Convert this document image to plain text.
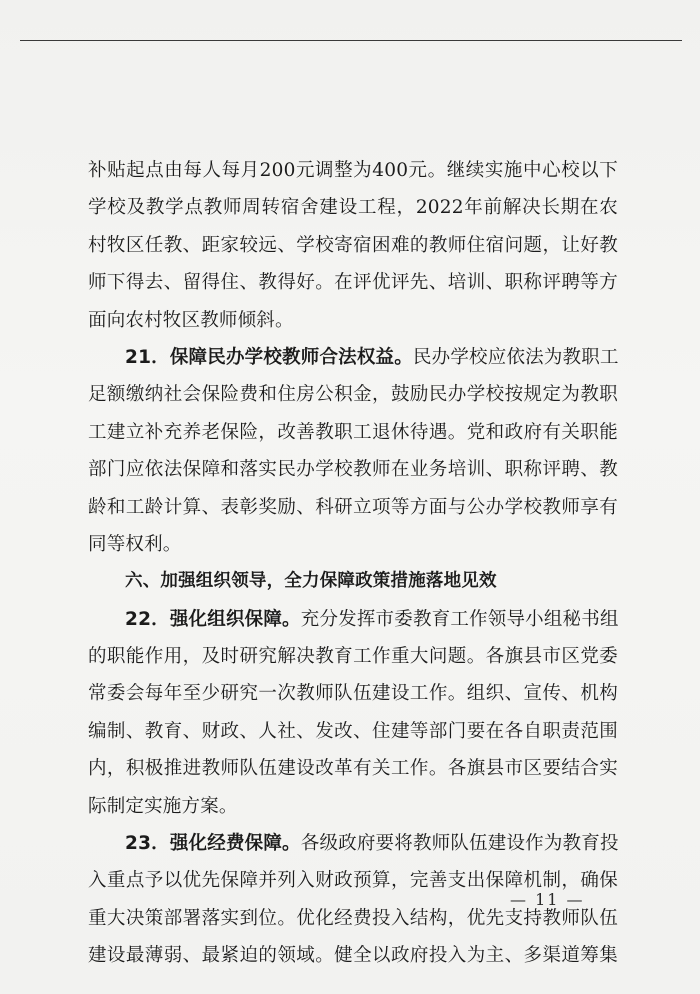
补贴起点由每人每月200元调整为400元。继续实施中心校以下
学校及教学点教师周转宿舍建设工程，2022年前解决长期在农
村牧区任教、距家较远、学校寄宿困难的教师住宿问题，让好教
师下得去、留得住、教得好。在评优评先、培训、职称评聘等方
面向农村牧区教师倾斜。
21．保障民办学校教师合法权益。民办学校应依法为教职工
足额缴纳社会保险费和住房公积金，鼓励民办学校按规定为教职
工建立补充养老保险，改善教职工退休待遇。党和政府有关职能
部门应依法保障和落实民办学校教师在业务培训、职称评聘、教
龄和工龄计算、表彰奖励、科研立项等方面与公办学校教师享有
同等权利。
六、加强组织领导，全力保障政策措施落地见效
22．强化组织保障。充分发挥市委教育工作领导小组秘书组
的职能作用，及时研究解决教育工作重大问题。各旗县市区党委
常委会每年至少研究一次教师队伍建设工作。组织、宣传、机构
编制、教育、财政、人社、发改、住建等部门要在各自职责范围
内，积极推进教师队伍建设改革有关工作。各旗县市区要结合实
际制定实施方案。
23．强化经费保障。各级政府要将教师队伍建设作为教育投
入重点予以优先保障并列入财政预算，完善支出保障机制，确保
重大决策部署落实到位。优化经费投入结构，优先支持教师队伍
建设最薄弱、最紧迫的领域。健全以政府投入为主、多渠道筹集
— 11 —
